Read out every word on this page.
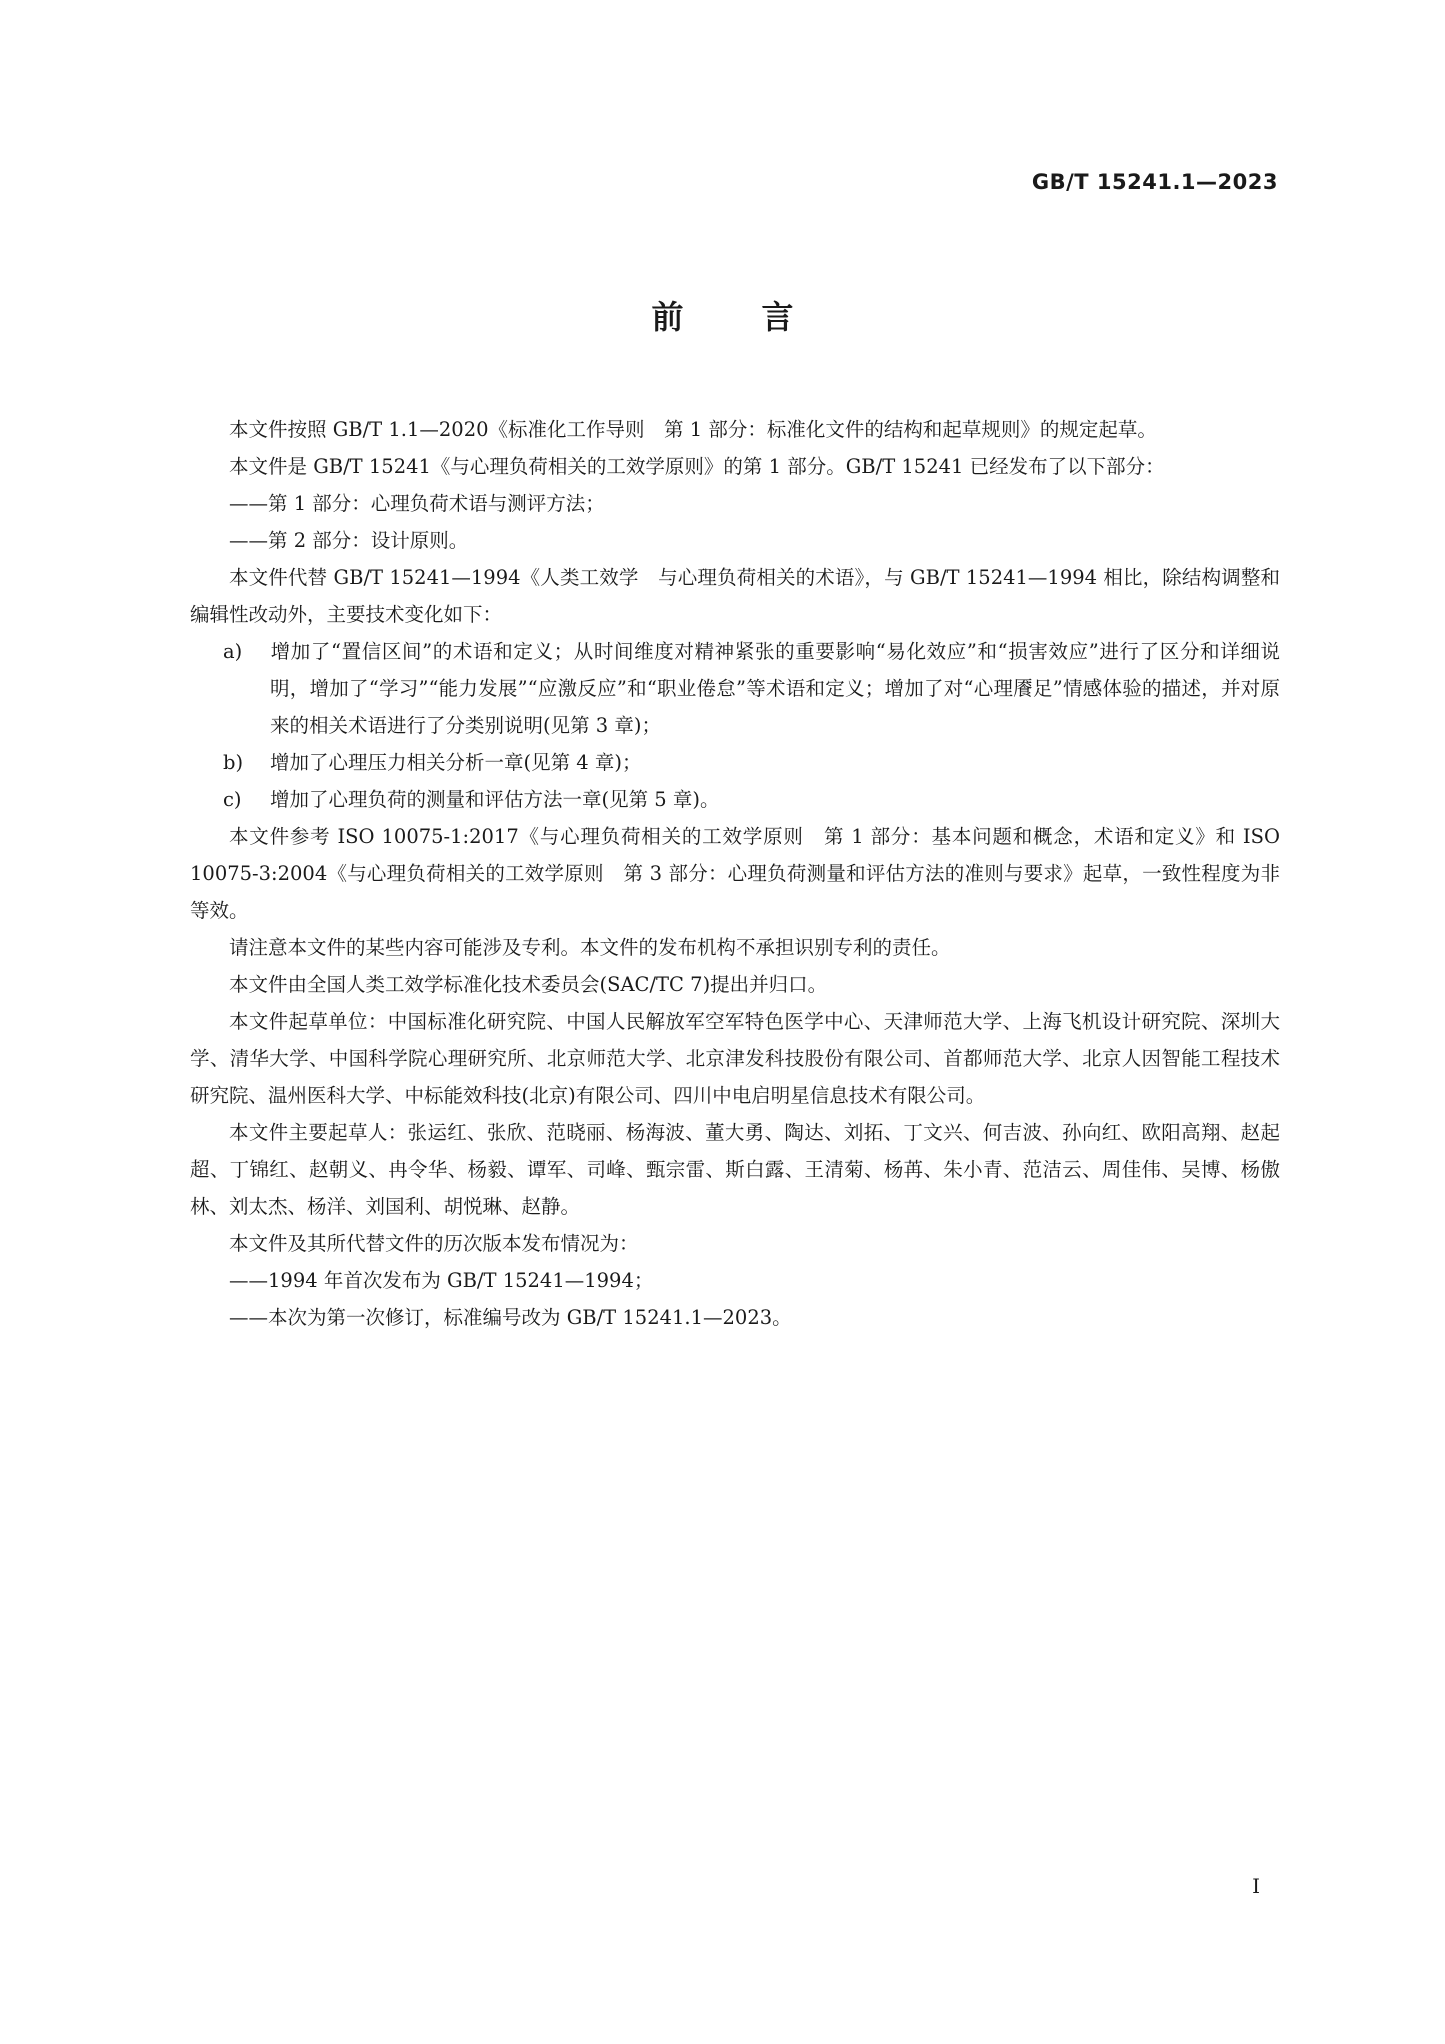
GB/T 15241.1—2023
前 言

本文件按照 GB/T 1.1—2020《标准化工作导则　第 1 部分：标准化文件的结构和起草规则》的规定起草。

本文件是 GB/T 15241《与心理负荷相关的工效学原则》的第 1 部分。GB/T 15241 已经发布了以下部分：

——第 1 部分：心理负荷术语与测评方法；

——第 2 部分：设计原则。

本文件代替 GB/T 15241—1994《人类工效学　与心理负荷相关的术语》，与 GB/T 15241—1994 相比，除结构调整和编辑性改动外，主要技术变化如下：

a) 增加了“置信区间”的术语和定义；从时间维度对精神紧张的重要影响“易化效应”和“损害效应”进行了区分和详细说明，增加了“学习”“能力发展”“应激反应”和“职业倦怠”等术语和定义；增加了对“心理餍足”情感体验的描述，并对原来的相关术语进行了分类别说明(见第 3 章)；
b) 增加了心理压力相关分析一章(见第 4 章)；
c) 增加了心理负荷的测量和评估方法一章(见第 5 章)。

本文件参考 ISO 10075-1:2017《与心理负荷相关的工效学原则　第 1 部分：基本问题和概念，术语和定义》和 ISO 10075-3:2004《与心理负荷相关的工效学原则　第 3 部分：心理负荷测量和评估方法的准则与要求》起草，一致性程度为非等效。

请注意本文件的某些内容可能涉及专利。本文件的发布机构不承担识别专利的责任。

本文件由全国人类工效学标准化技术委员会(SAC/TC 7)提出并归口。

本文件起草单位：中国标准化研究院、中国人民解放军空军特色医学中心、天津师范大学、上海飞机设计研究院、深圳大学、清华大学、中国科学院心理研究所、北京师范大学、北京津发科技股份有限公司、首都师范大学、北京人因智能工程技术研究院、温州医科大学、中标能效科技(北京)有限公司、四川中电启明星信息技术有限公司。

本文件主要起草人：张运红、张欣、范晓丽、杨海波、董大勇、陶达、刘拓、丁文兴、何吉波、孙向红、欧阳高翔、赵起超、丁锦红、赵朝义、冉令华、杨毅、谭军、司峰、甄宗雷、斯白露、王清菊、杨苒、朱小青、范洁云、周佳伟、吴博、杨傲林、刘太杰、杨洋、刘国利、胡悦琳、赵静。

本文件及其所代替文件的历次版本发布情况为：

——1994 年首次发布为 GB/T 15241—1994；

——本次为第一次修订，标准编号改为 GB/T 15241.1—2023。

I
